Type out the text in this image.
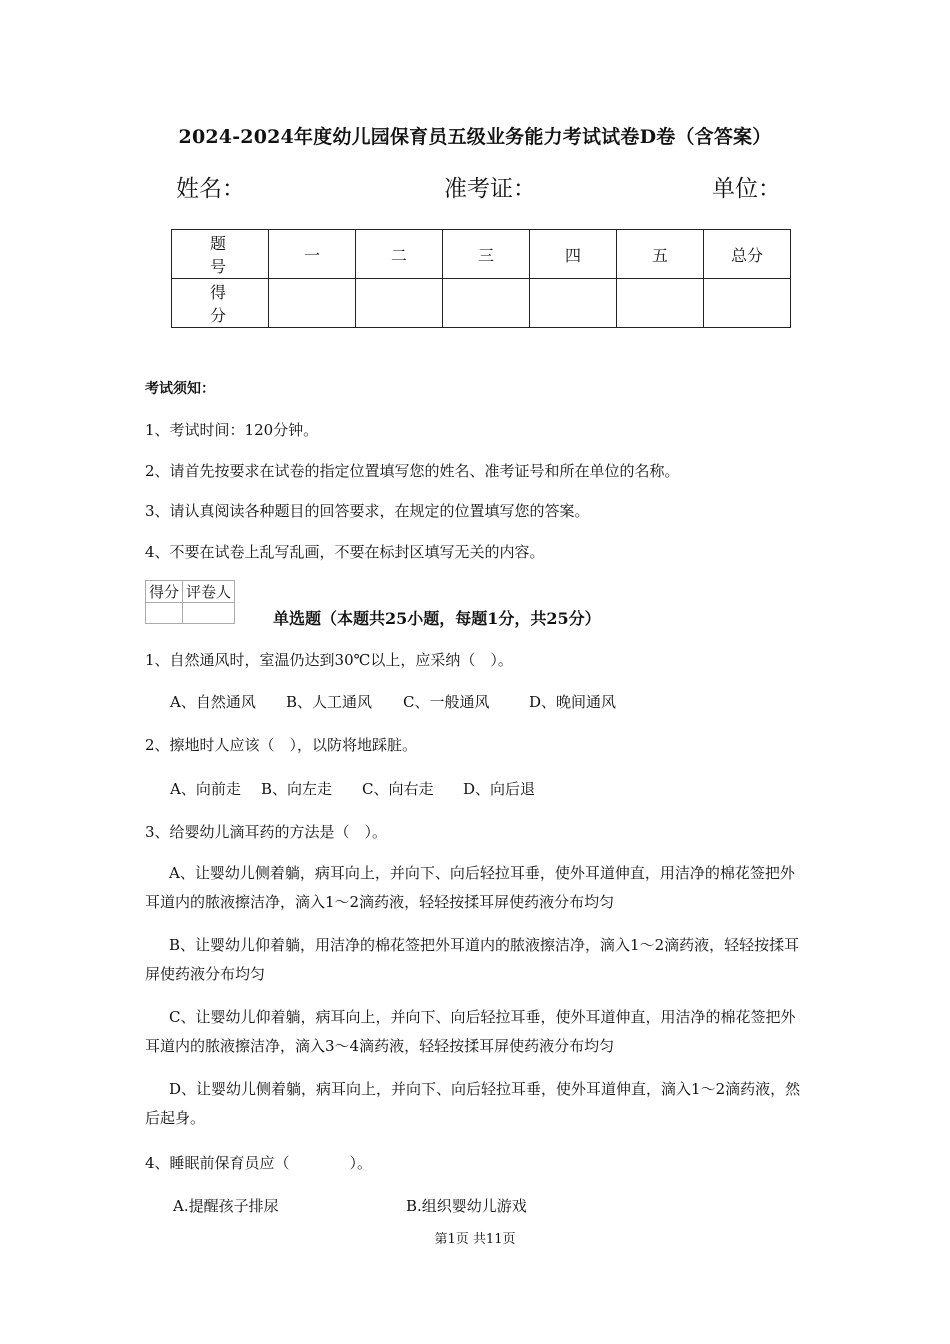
2024-2024年度幼儿园保育员五级业务能力考试试卷D卷（含答案）
姓名：	准考证：	单位：
题　号	一	二	三	四	五	总分
得　分						
考试须知：
1、考试时间：120分钟。
2、请首先按要求在试卷的指定位置填写您的姓名、准考证号和所在单位的名称。
3、请认真阅读各种题目的回答要求，在规定的位置填写您的答案。
4、不要在试卷上乱写乱画，不要在标封区填写无关的内容。
得分	评卷人

单选题（本题共25小题，每题1分，共25分）
1、自然通风时，室温仍达到30℃以上，应采纳（　）。
A、自然通风 B、人工通风 C、一般通风	D、晚间通风
2、擦地时人应该（　），以防将地踩脏。
A、向前走 B、向左走 C、向右走 D、向后退
3、给婴幼儿滴耳药的方法是（　）。
A、让婴幼儿侧着躺，病耳向上，并向下、向后轻拉耳垂，使外耳道伸直，用洁净的棉花签把外耳道内的脓液擦洁净，滴入1～2滴药液，轻轻按揉耳屏使药液分布均匀
B、让婴幼儿仰着躺，用洁净的棉花签把外耳道内的脓液擦洁净，滴入1～2滴药液，轻轻按揉耳屏使药液分布均匀
C、让婴幼儿仰着躺，病耳向上，并向下、向后轻拉耳垂，使外耳道伸直，用洁净的棉花签把外耳道内的脓液擦洁净，滴入3～4滴药液，轻轻按揉耳屏使药液分布均匀
D、让婴幼儿侧着躺，病耳向上，并向下、向后轻拉耳垂，使外耳道伸直，滴入1～2滴药液，然后起身。
4、睡眠前保育员应（　　　　）。
A.提醒孩子排尿	B.组织婴幼儿游戏
第1页 共11页
